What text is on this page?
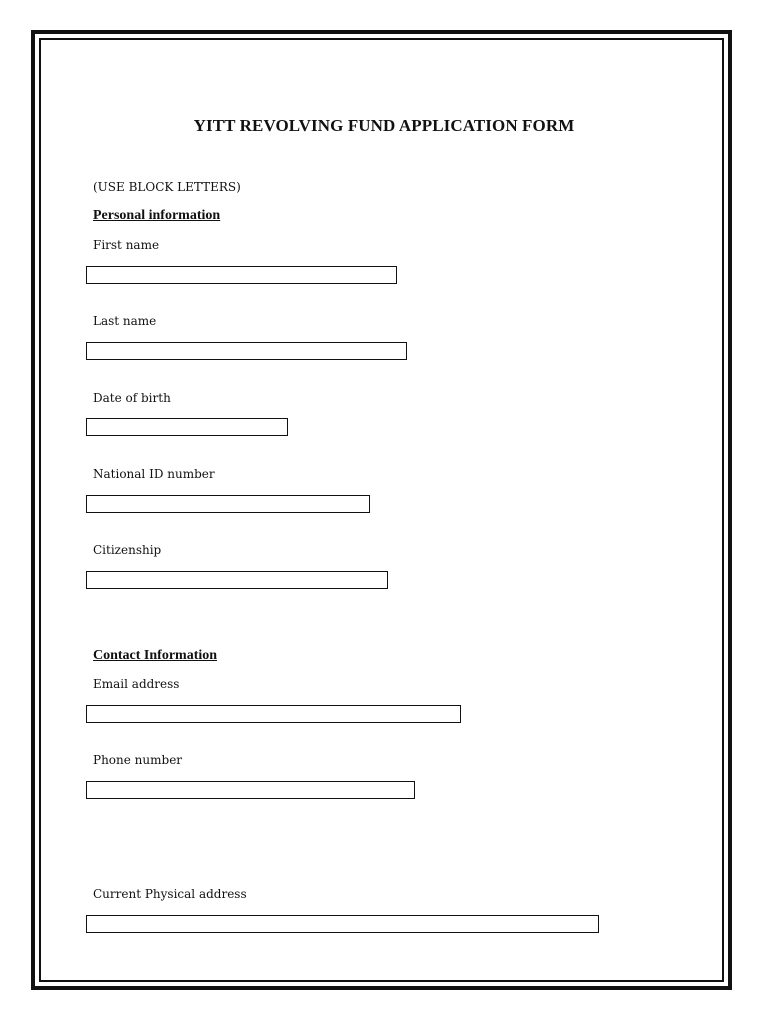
YITT REVOLVING FUND APPLICATION FORM
(USE BLOCK LETTERS)
Personal information
First name
Last name
Date of birth
National ID number
Citizenship
Contact Information
Email address
Phone number
Current Physical address
